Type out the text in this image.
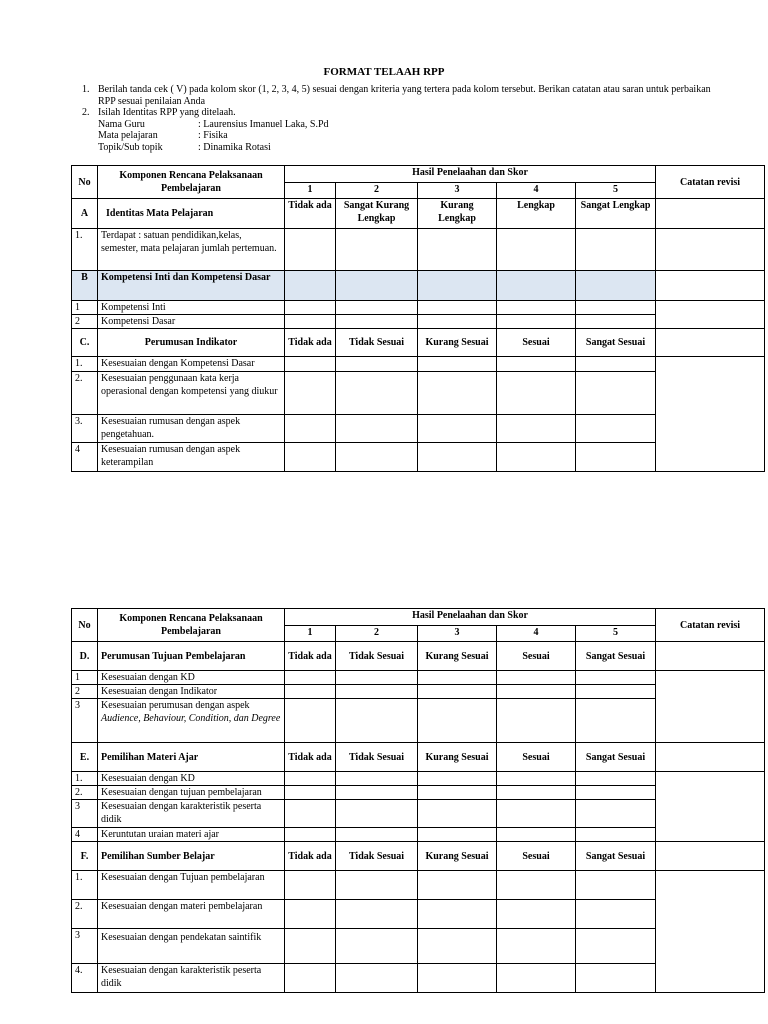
FORMAT TELAAH RPP
1. Berilah tanda cek ( V) pada kolom skor (1, 2, 3, 4, 5) sesuai dengan kriteria yang tertera pada kolom tersebut. Berikan catatan atau saran untuk perbaikan RPP sesuai penilaian Anda
2. Isilah Identitas RPP yang ditelaah.
Nama Guru	: Laurensius Imanuel Laka, S.Pd
Mata pelajaran	: Fisika
Topik/Sub topik	: Dinamika Rotasi
No	Komponen Rencana Pelaksanaan Pembelajaran	Hasil Penelaahan dan Skor					Catatan revisi
		1	2	3	4	5	
A	Identitas Mata Pelajaran	Tidak ada	Sangat Kurang Lengkap	Kurang Lengkap	Lengkap	Sangat Lengkap	
1.	Terdapat : satuan pendidikan,kelas, semester, mata pelajaran jumlah pertemuan.						
B	Kompetensi Inti dan Kompetensi Dasar						
1	Kompetensi Inti						
2	Kompetensi Dasar						
C.	Perumusan Indikator	Tidak ada	Tidak Sesuai	Kurang Sesuai	Sesuai	Sangat Sesuai	
1.	Kesesuaian dengan Kompetensi Dasar						
2.	Kesesuaian penggunaan kata kerja operasional dengan kompetensi yang diukur						
3.	Kesesuaian rumusan dengan aspek pengetahuan.						
4	Kesesuaian rumusan dengan aspek keterampilan						
No	Komponen Rencana Pelaksanaan Pembelajaran	Hasil Penelaahan dan Skor					Catatan revisi
		1	2	3	4	5	
D.	Perumusan Tujuan Pembelajaran	Tidak ada	Tidak Sesuai	Kurang Sesuai	Sesuai	Sangat Sesuai	
1	Kesesuaian dengan KD						
2	Kesesuaian dengan Indikator						
3	Kesesuaian perumusan dengan aspek Audience, Behaviour, Condition, dan Degree						
E.	Pemilihan Materi Ajar	Tidak ada	Tidak Sesuai	Kurang Sesuai	Sesuai	Sangat Sesuai	
1.	Kesesuaian dengan KD						
2.	Kesesuaian dengan tujuan pembelajaran						
3	Kesesuaian dengan karakteristik peserta didik						
4	Keruntutan uraian materi ajar						
F.	Pemilihan Sumber Belajar	Tidak ada	Tidak Sesuai	Kurang Sesuai	Sesuai	Sangat Sesuai	
1.	Kesesuaian dengan Tujuan pembelajaran						
2.	Kesesuaian dengan materi pembelajaran						
3	Kesesuaian dengan pendekatan saintifik						
4.	Kesesuaian dengan karakteristik peserta didik						
